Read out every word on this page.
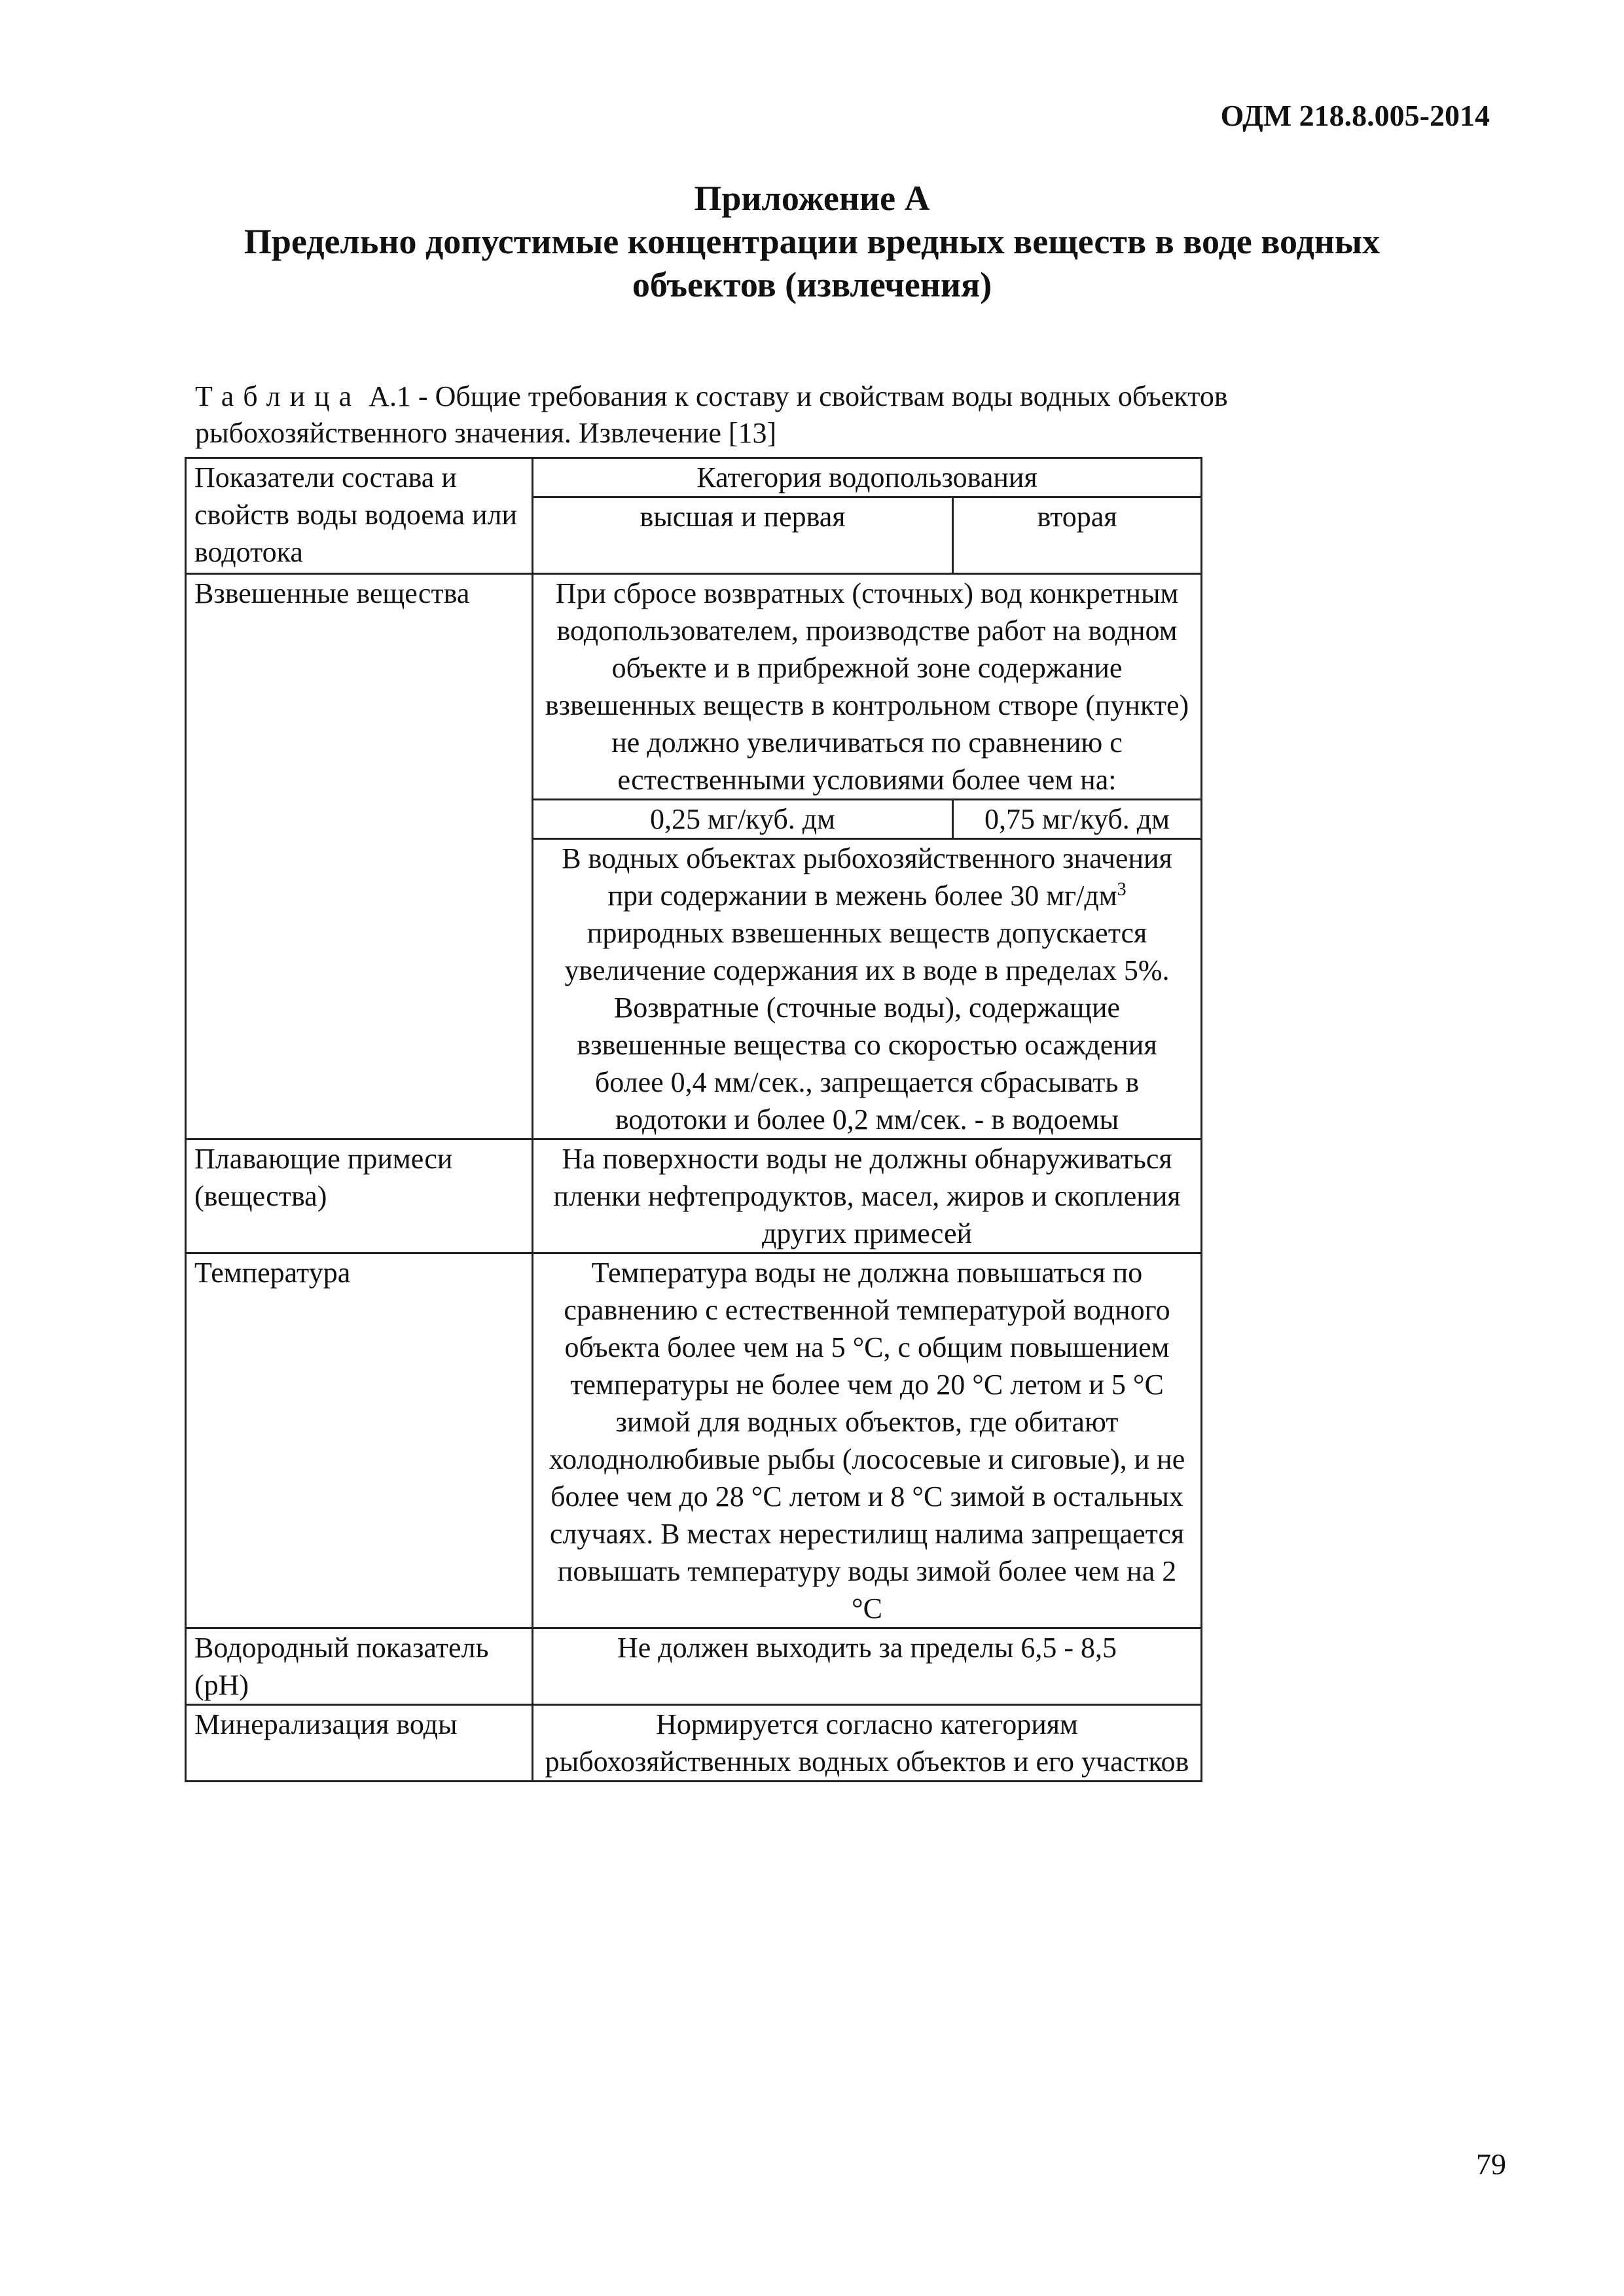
ОДМ 218.8.005-2014
Приложение А
Предельно допустимые концентрации вредных веществ в воде водных объектов (извлечения)
Таблица А.1 - Общие требования к составу и свойствам воды водных объектов рыбохозяйственного значения. Извлечение [13]
Показатели состава и свойств воды водоема или водотока	Категория водопользования	
	высшая и первая	вторая
Взвешенные вещества	При сбросе возвратных (сточных) вод конкретным водопользователем, производстве работ на водном объекте и в прибрежной зоне содержание взвешенных веществ в контрольном створе (пункте) не должно увеличиваться по сравнению с естественными условиями более чем на:	
	0,25 мг/куб. дм	0,75 мг/куб. дм

	В водных объектах рыбохозяйственного значения при содержании в межень более 30 $мг/дм^3$ природных взвешенных веществ допускается увеличение содержания их в воде в пределах 5%.
Возвратные (сточные воды), содержащие взвешенные вещества со скоростью осаждения более 0,4 мм/сек., запрещается сбрасывать в водотоки и более 0,2 мм/сек. - в водоемы	

Плавающие примеси (вещества)	На поверхности воды не должны обнаруживаться пленки нефтепродуктов, масел, жиров и скопления других примесей	
Температура	Температура воды не должна повышаться по сравнению с естественной температурой водного объекта более чем на 5 °С, с общим повышением температуры не более чем до 20 °С летом и 5 °С зимой для водных объектов, где обитают холоднолюбивые рыбы (лососевые и сиговые), и не более чем до 28 °С летом и 8 °С зимой в остальных случаях. В местах нерестилищ налима запрещается повышать температуру воды зимой более чем на 2 °С	
Водородный показатель (рН)	Не должен выходить за пределы 6,5 - 8,5	
Минерализация воды	Нормируется согласно категориям рыбохозяйственных водных объектов и его участков	
79
